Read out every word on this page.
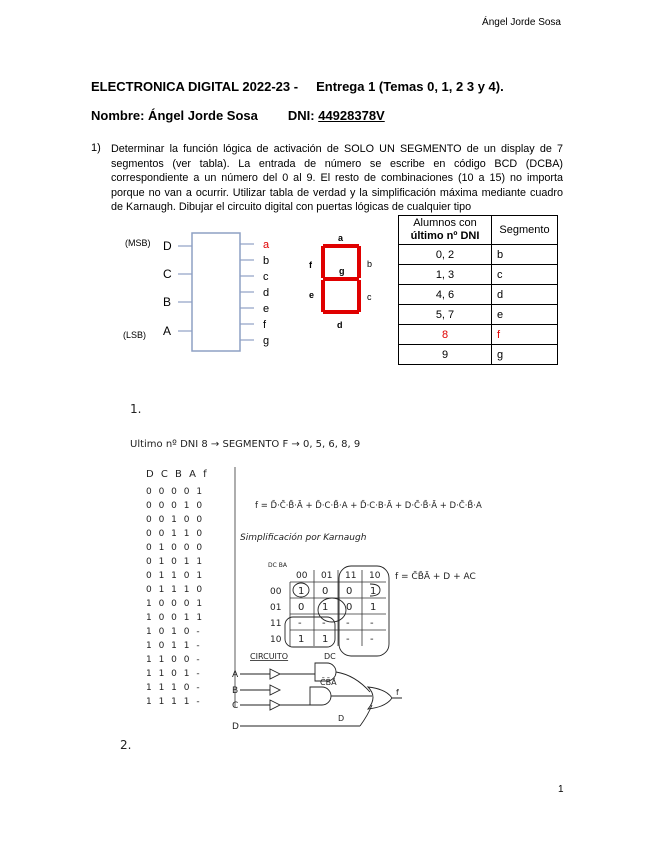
Ángel Jorde Sosa
ELECTRONICA DIGITAL 2022-23 - Entrega 1 (Temas 0, 1, 2 3 y 4).
Nombre: Ángel Jorde Sosa DNI: 44928378V
1) Determinar la función lógica de activación de SOLO UN SEGMENTO de un display de 7 segmentos (ver tabla). La entrada de número se escribe en código BCD (DCBA) correspondiente a un número del 0 al 9. El resto de combinaciones (10 a 15) no importa porque no van a ocurrir. Utilizar tabla de verdad y la simplificación máxima mediante cuadro de Karnaugh. Dibujar el circuito digital con puertas lógicas de cualquier tipo
(MSB)
(LSB)
D
C
B
A
a
b
c
d
e
f
g
a
b
c
d
e
f
g
Alumnos con
último nº DNI	Segmento
0, 2	b
1, 3	c
4, 6	d
5, 7	e
8	f
9	g
1.
Ultimo nº DNI 8 → SEGMENTO F → 0, 5, 6, 8, 9
D C B A f
0 0 0 0 1
0 0 0 1 0
0 0 1 0 0
0 0 1 1 0
0 1 0 0 0
0 1 0 1 1
0 1 1 0 1
0 1 1 1 0
1 0 0 0 1
1 0 0 1 1
1 0 1 0 -
1 0 1 1 -
1 1 0 0 -
1 1 0 1 -
1 1 1 0 -
1 1 1 1 -
f = D̄·C̄·B̄·Ā + D̄·C·B̄·A + D̄·C·B·Ā + D·C̄·B̄·Ā + D·C̄·B̄·A
Simplificación por Karnaugh
DC BA
00 01 11 10
00
01
11
10
1 0 0 1
0 1 0 1
- - - -
1 1 - -
f = C̄B̄Ā + D + AC
CIRCUITO
A
B
C
D
DC
C̄B̄Ā
D
f
2.
1
